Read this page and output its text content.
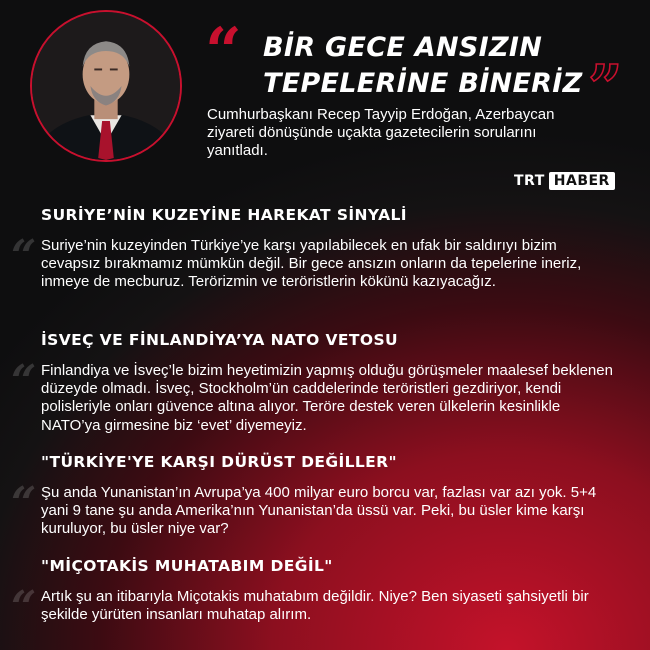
“ BİR GECE ANSIZIN
TEPELERİNE BİNERİZ ”
Cumhurbaşkanı Recep Tayyip Erdoğan, Azerbaycan ziyareti dönüşünde uçakta gazetecilerin sorularını yanıtladı.
TRT HABER
“
SURİYE’NİN KUZEYİNE HAREKAT SİNYALİ
Suriye’nin kuzeyinden Türkiye’ye karşı yapılabilecek en ufak bir saldırıyı bizim cevapsız bırakmamız mümkün değil. Bir gece ansızın onların da tepelerine ineriz, inmeye de mecburuz. Terörizmin ve teröristlerin kökünü kazıyacağız.
“
İSVEÇ VE FİNLANDİYA’YA NATO VETOSU
Finlandiya ve İsveç’le bizim heyetimizin yapmış olduğu görüşmeler maalesef beklenen düzeyde olmadı. İsveç, Stockholm’ün caddelerinde teröristleri gezdiriyor, kendi polisleriyle onları güvence altına alıyor. Teröre destek veren ülkelerin kesinlikle NATO’ya girmesine biz ‘evet’ diyemeyiz.
“
"TÜRKİYE'YE KARŞI DÜRÜST DEĞİLLER"
Şu anda Yunanistan’ın Avrupa’ya 400 milyar euro borcu var, fazlası var azı yok. 5+4 yani 9 tane şu anda Amerika’nın Yunanistan’da üssü var. Peki, bu üsler kime karşı kuruluyor, bu üsler niye var?
“
"MİÇOTAKİS MUHATABIM DEĞİL"
Artık şu an itibarıyla Miçotakis muhatabım değildir. Niye? Ben siyaseti şahsiyetli bir şekilde yürüten insanları muhatap alırım.
